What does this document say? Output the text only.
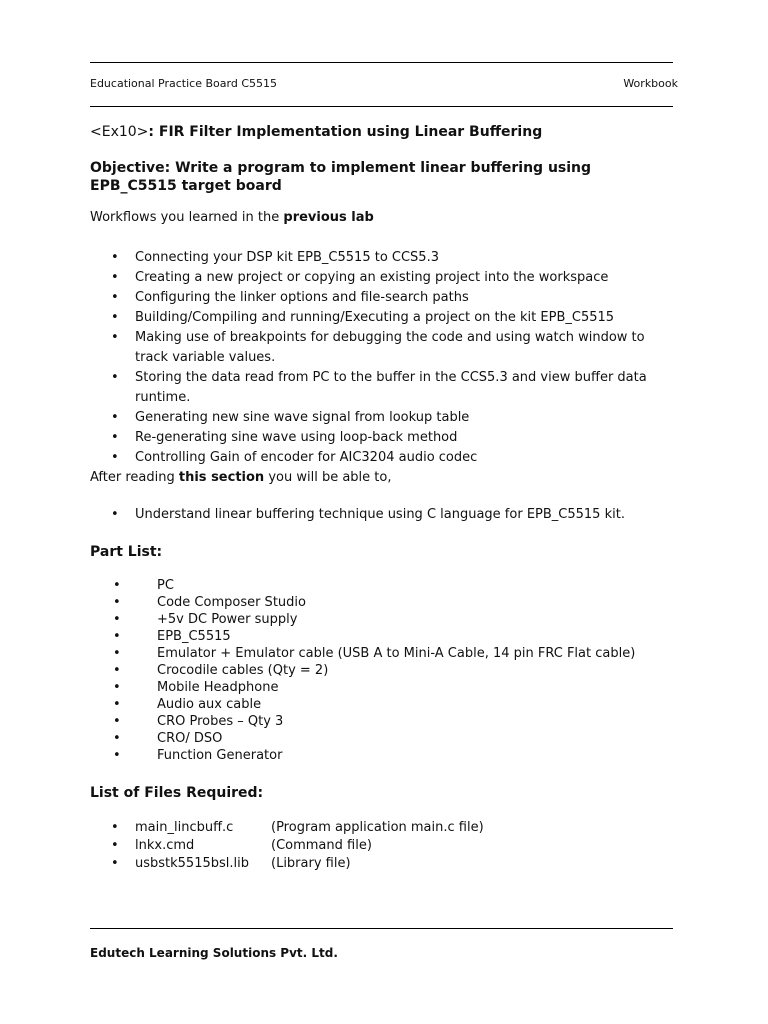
Educational Practice Board C5515	Workbook
<Ex10>: FIR Filter Implementation using Linear Buffering
Objective: Write a program to implement linear buffering using EPB_C5515 target board
Workflows you learned in the previous lab
• Connecting your DSP kit EPB_C5515 to CCS5.3
• Creating a new project or copying an existing project into the workspace
• Configuring the linker options and file-search paths
• Building/Compiling and running/Executing a project on the kit EPB_C5515
• Making use of breakpoints for debugging the code and using watch window to track variable values.
• Storing the data read from PC to the buffer in the CCS5.3 and view buffer data runtime.
• Generating new sine wave signal from lookup table
• Re-generating sine wave using loop-back method
• Controlling Gain of encoder for AIC3204 audio codec
After reading this section you will be able to,
• Understand linear buffering technique using C language for EPB_C5515 kit.
Part List:
• PC
• Code Composer Studio
• +5v DC Power supply
• EPB_C5515
• Emulator + Emulator cable (USB A to Mini-A Cable, 14 pin FRC Flat cable)
• Crocodile cables (Qty = 2)
• Mobile Headphone
• Audio aux cable
• CRO Probes – Qty 3
• CRO/ DSO
• Function Generator
List of Files Required:
• main_lincbuff.c	(Program application main.c file)
• lnkx.cmd	(Command file)
• usbstk5515bsl.lib	(Library file)
Edutech Learning Solutions Pvt. Ltd.
